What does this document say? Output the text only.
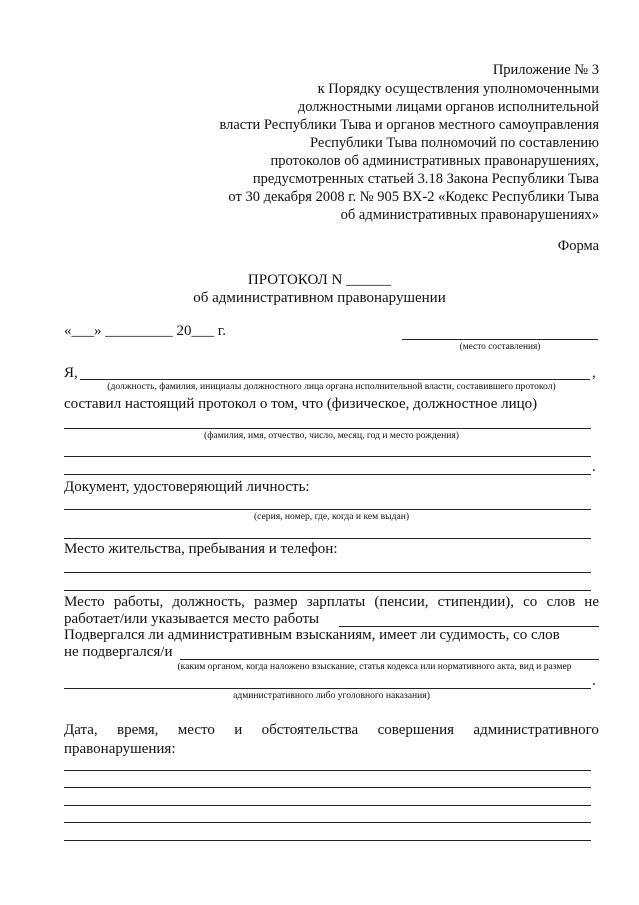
Приложение № 3
к Порядку осуществления уполномоченными
должностными лицами органов исполнительной
власти Республики Тыва и органов местного самоуправления
Республики Тыва полномочий по составлению
протоколов об административных правонарушениях,
предусмотренных статьей 3.18 Закона Республики Тыва
от 30 декабря 2008 г. № 905 ВХ-2 «Кодекс Республики Тыва
об административных правонарушениях»
Форма
ПРОТОКОЛ N ______
об административном правонарушении
«___» _________ 20___ г.
(место составления)
Я,	,
(должность, фамилия, инициалы должностного лица органа исполнительной власти, составившего протокол)
составил настоящий протокол о том, что (физическое, должностное лицо)
(фамилия, имя, отчество, число, месяц, год и место рождения)
.
Документ, удостоверяющий личность:
(серия, номер, где, когда и кем выдан)
Место жительства, пребывания и телефон:
Место работы, должность, размер зарплаты (пенсии, стипендии), со слов не
работает/или указывается место работы
Подвергался ли административным взысканиям, имеет ли судимость, со слов
не подвергался/и
(каким органом, когда наложено взыскание, статья кодекса или нормативного акта, вид и размер
.
административного либо уголовного наказания)
Дата, время, место и обстоятельства совершения административного
правонарушения:
